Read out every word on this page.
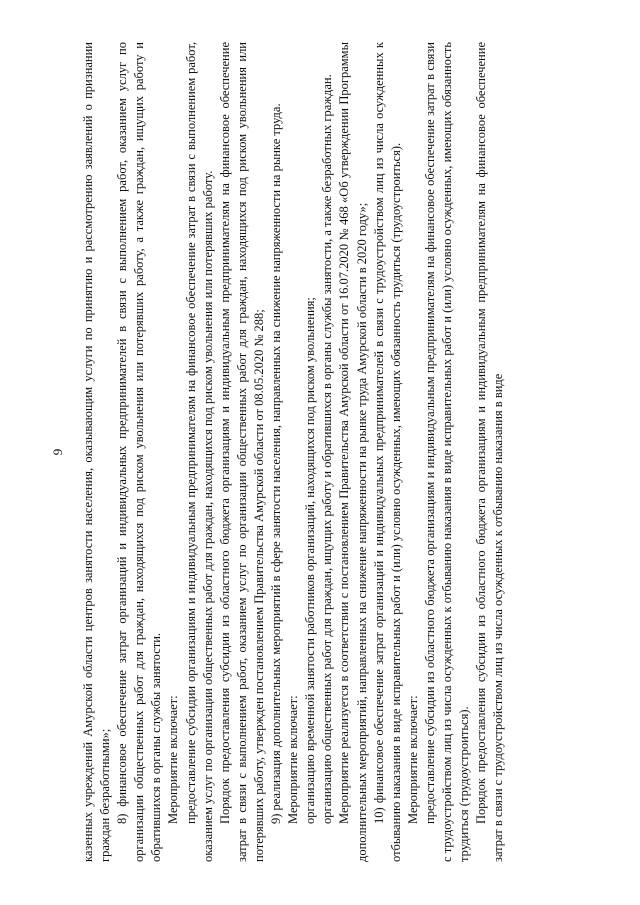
9 казенных учреждений Амурской области центров занятости населения, оказывающим услуги по принятию и рассмотрению заявлений о признании граждан безработными»; 8) финансовое обеспечение затрат организаций и индивидуальных предпринимателей в связи с выполнением работ, оказанием услуг по организации общественных работ для граждан, находящихся под риском увольнения или потерявших работу, а также граждан, ищущих работу и обратившихся в органы службы занятости. Мероприятие включает: предоставление субсидии организациям и индивидуальным предпринимателям на финансовое обеспечение затрат в связи с выполнением работ, оказанием услуг по организации общественных работ для граждан, находящихся под риском увольнения или потерявших работу. Порядок предоставления субсидии из областного бюджета организациям и индивидуальным предпринимателям на финансовое обеспечение затрат в связи с выполнением работ, оказанием услуг по организации общественных работ для граждан, находящихся под риском увольнения или потерявших работу, утвержден постановлением Правительства Амурской области от 08.05.2020 № 288; 9) реализация дополнительных мероприятий в сфере занятости населения, направленных на снижение напряженности на рынке труда. Мероприятие включает: организацию временной занятости работников организаций, находящихся под риском увольнения; организацию общественных работ для граждан, ищущих работу и обратившихся в органы службы занятости, а также безработных граждан. Мероприятие реализуется в соответствии с постановлением Правительства Амурской области от 16.07.2020 № 468 «Об утверждении Программы дополнительных мероприятий, направленных на снижение напряженности на рынке труда Амурской области в 2020 году»; 10) финансовое обеспечение затрат организаций и индивидуальных предпринимателей в связи с трудоустройством лиц из числа осужденных к отбыванию наказания в виде исправительных работ и (или) условно осужденных, имеющих обязанность трудиться (трудоустроиться). Мероприятие включает: предоставление субсидии из областного бюджета организациям и индивидуальным предпринимателям на финансовое обеспечение затрат в связи с трудоустройством лиц из числа осужденных к отбыванию наказания в виде исправительных работ и (или) условно осужденных, имеющих обязанность трудиться (трудоустроиться). Порядок предоставления субсидии из областного бюджета организациям и индивидуальным предпринимателям на финансовое обеспечение затрат в связи с трудоустройством лиц из числа осужденных к отбыванию наказания в виде
